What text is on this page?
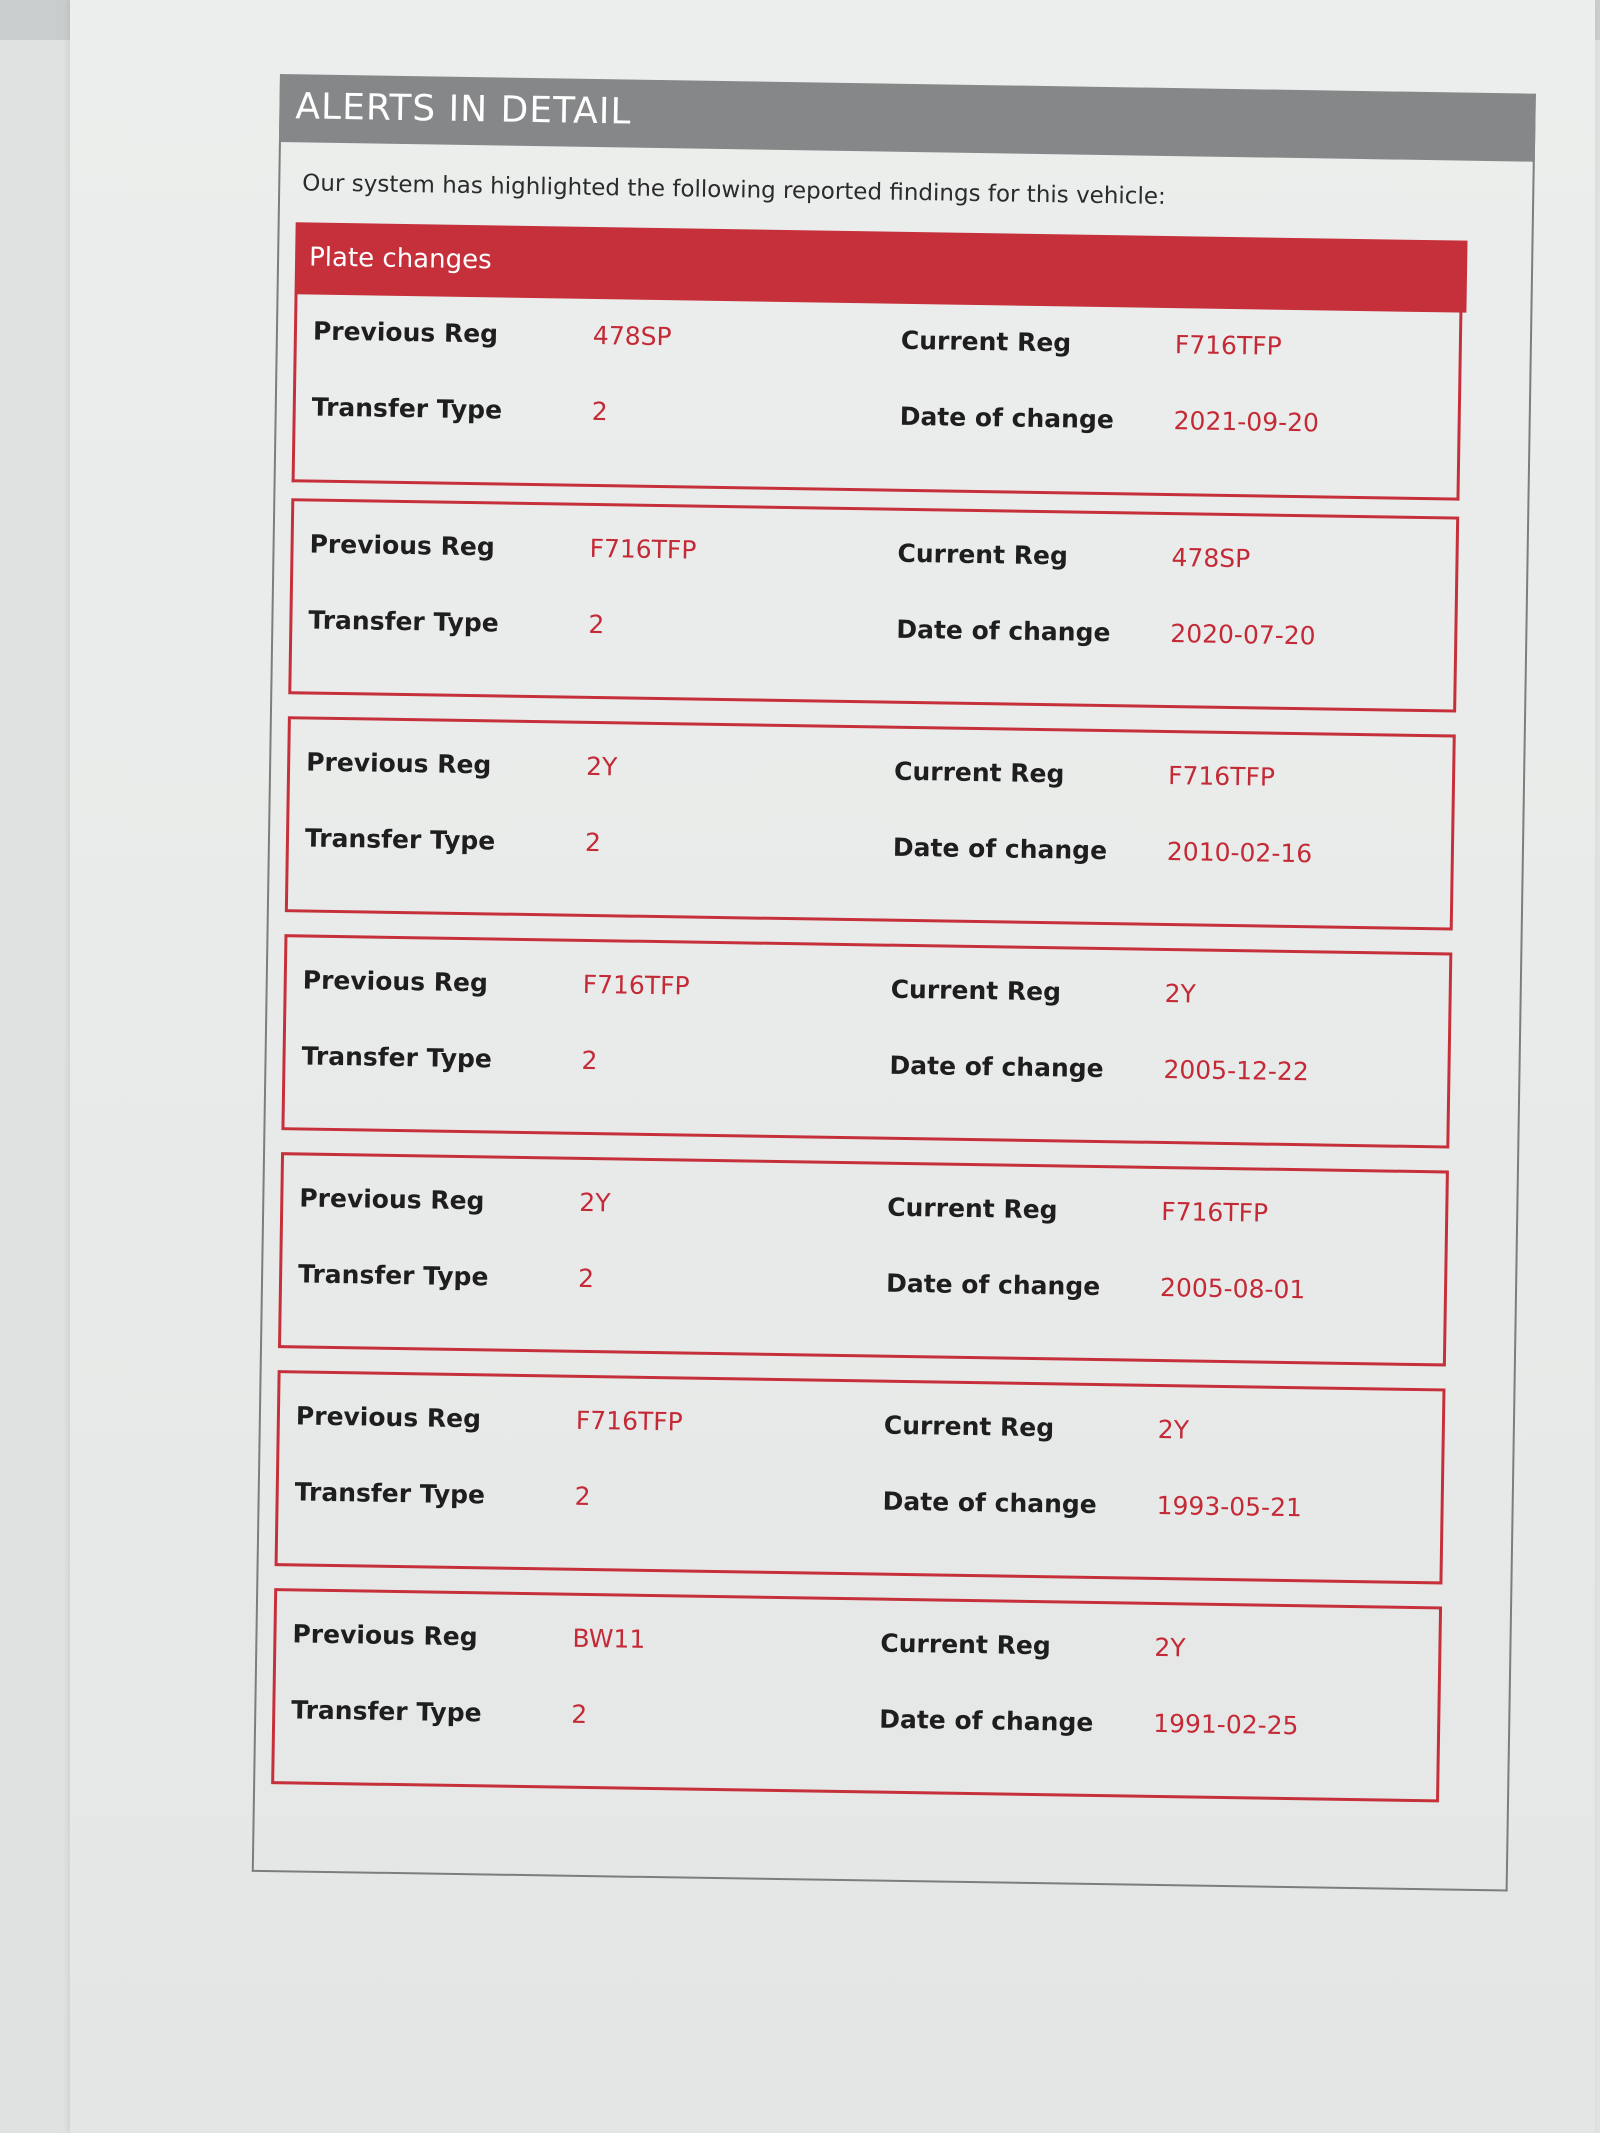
ALERTS IN DETAIL
Our system has highlighted the following reported findings for this vehicle:
Plate changes
Previous Reg	478SP	Current Reg	F716TFP
Transfer Type	2	Date of change 2021-09-20
Previous Reg	F716TFP	Current Reg	478SP
Transfer Type	2	Date of change 2020-07-20
Previous Reg	2Y	Current Reg	F716TFP
Transfer Type	2	Date of change 2010-02-16
Previous Reg	F716TFP	Current Reg	2Y
Transfer Type	2	Date of change 2005-12-22
Previous Reg	2Y	Current Reg	F716TFP
Transfer Type	2	Date of change 2005-08-01
Previous Reg	F716TFP	Current Reg	2Y
Transfer Type	2	Date of change 1993-05-21
Previous Reg	BW11	Current Reg	2Y
Transfer Type	2	Date of change 1991-02-25
